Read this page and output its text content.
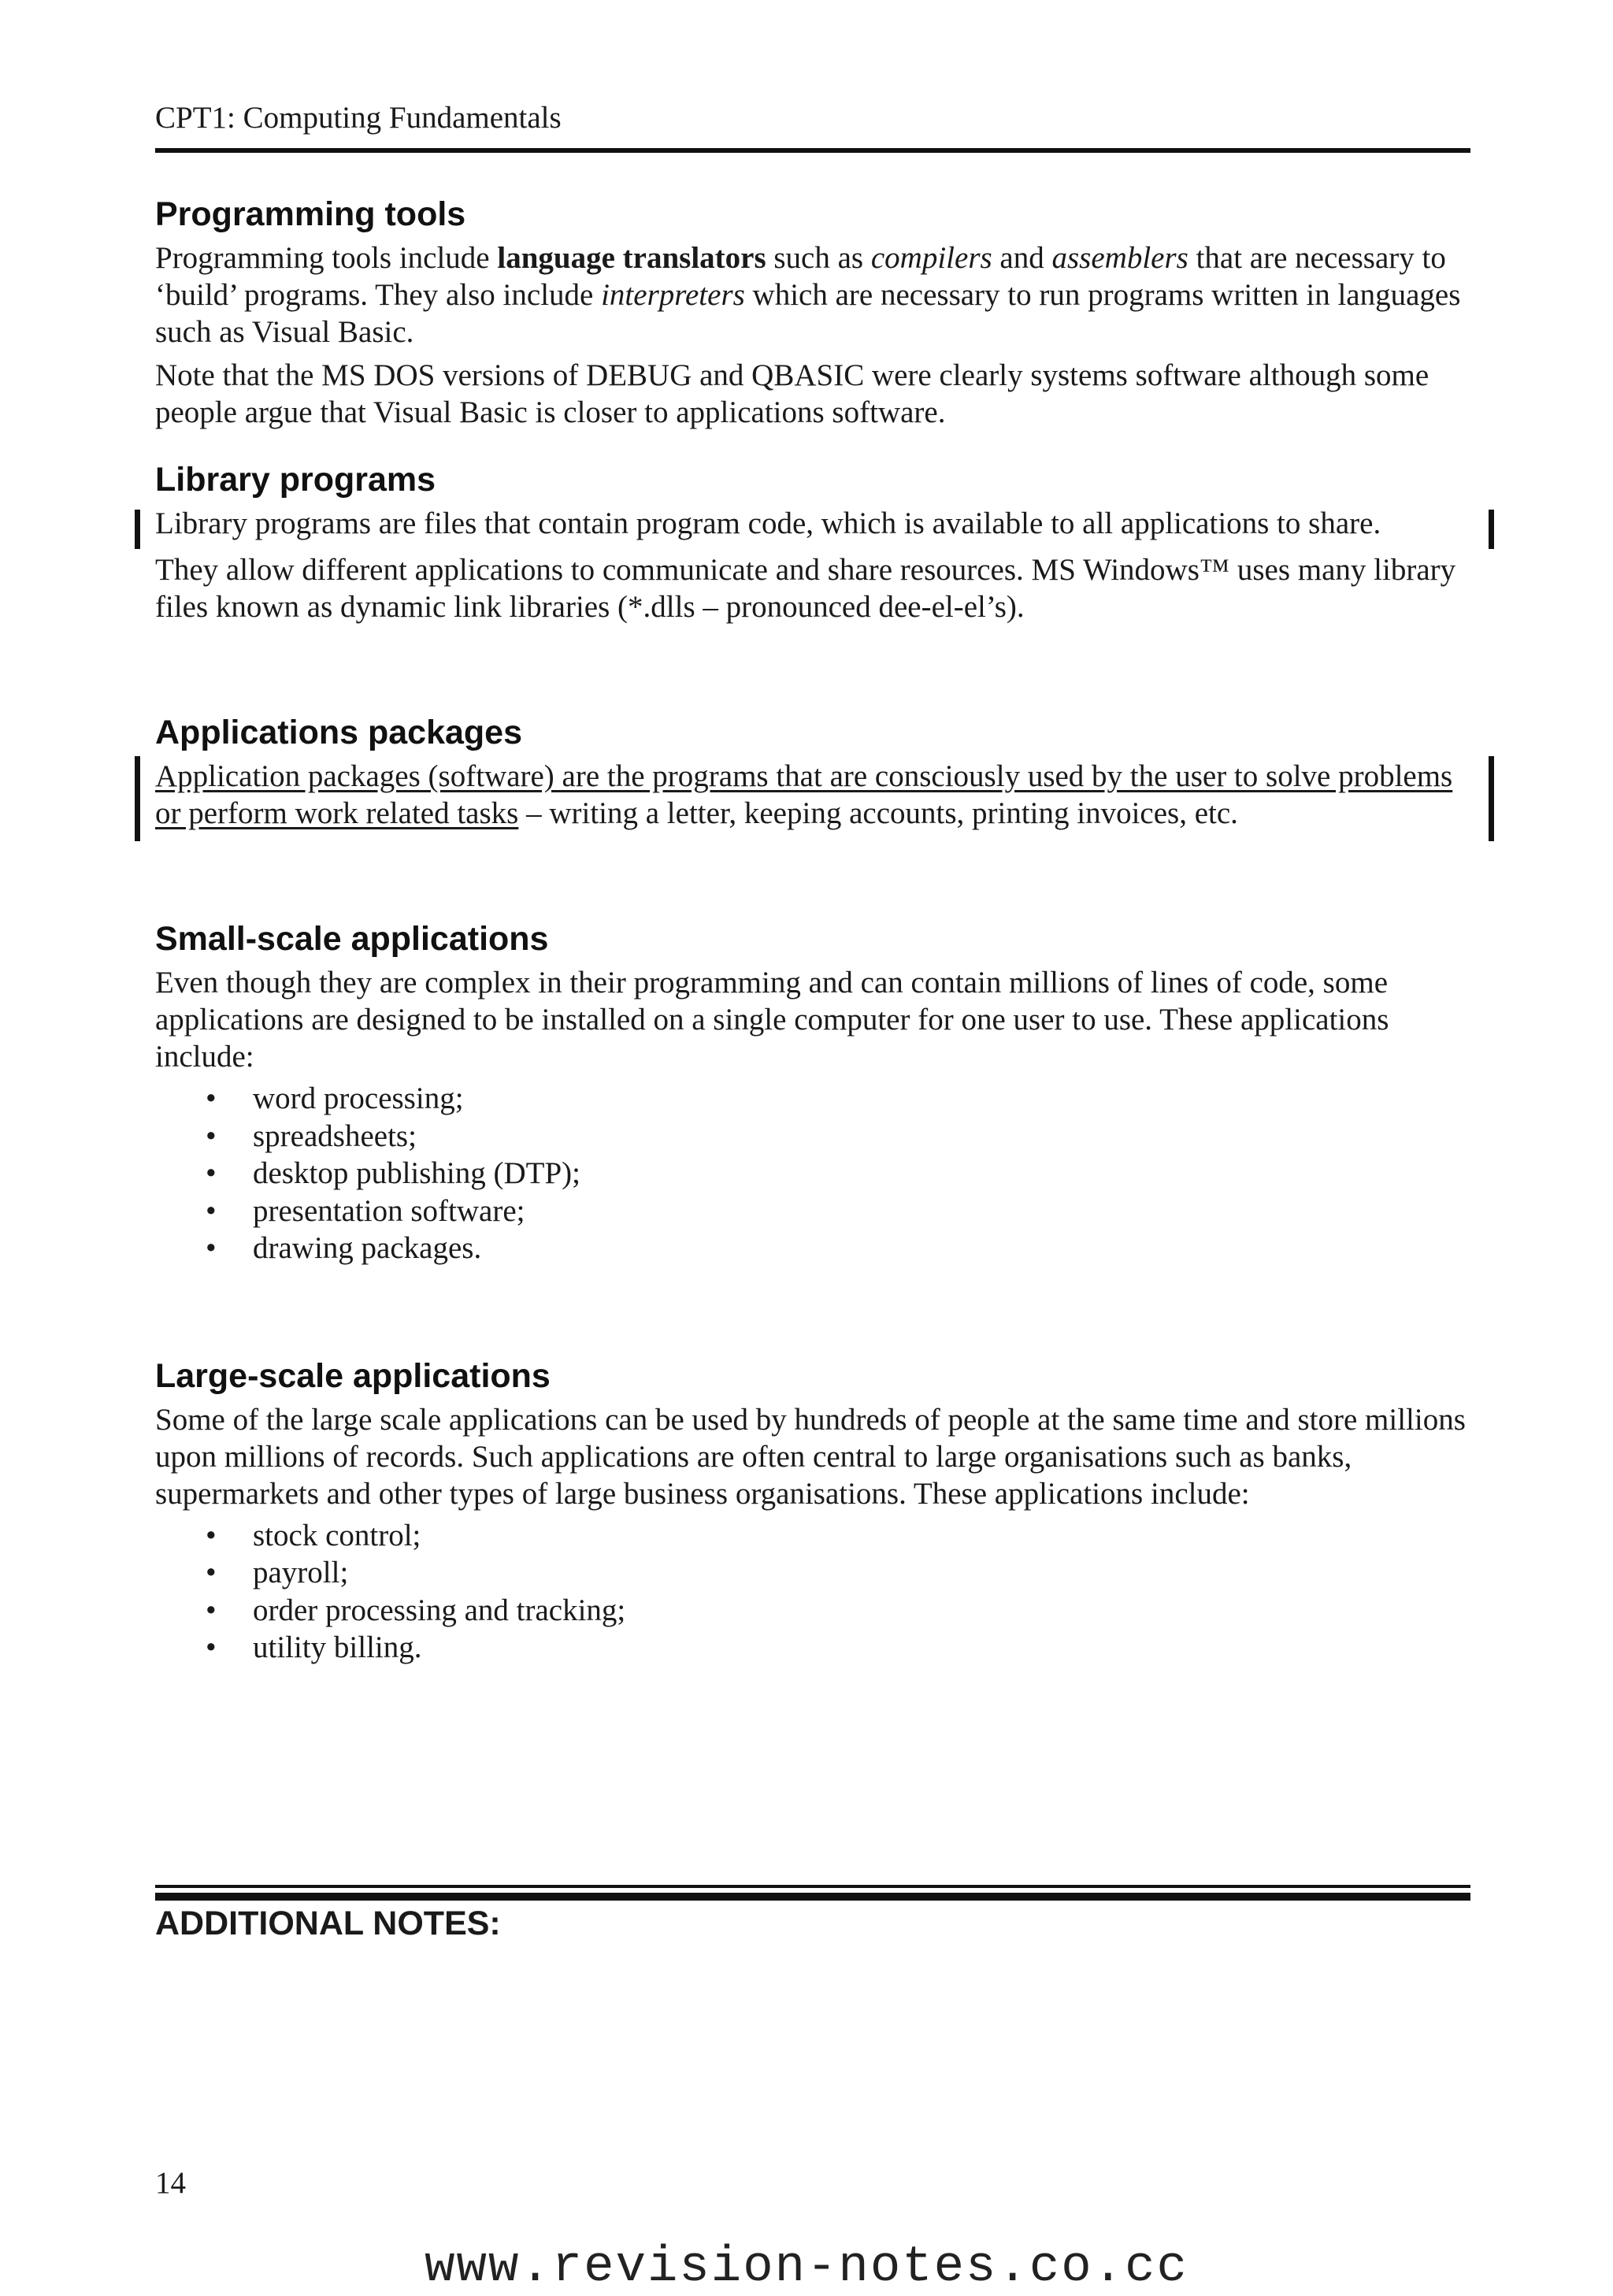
CPT1: Computing Fundamentals
Programming tools

Programming tools include language translators such as compilers and assemblers that are necessary to ‘build’ programs. They also include interpreters which are necessary to run programs written in languages such as Visual Basic.

Note that the MS DOS versions of DEBUG and QBASIC were clearly systems software although some people argue that Visual Basic is closer to applications software.

Library programs

Library programs are files that contain program code, which is available to all applications to share.

They allow different applications to communicate and share resources. MS Windows™ uses many library files known as dynamic link libraries (*.dlls – pronounced dee-el-el’s).

Applications packages

Application packages (software) are the programs that are consciously used by the user to solve problems or perform work related tasks – writing a letter, keeping accounts, printing invoices, etc.

Small-scale applications

Even though they are complex in their programming and can contain millions of lines of code, some applications are designed to be installed on a single computer for one user to use. These applications include:

• word processing;
• spreadsheets;
• desktop publishing (DTP);
• presentation software;
• drawing packages.
Large-scale applications

Some of the large scale applications can be used by hundreds of people at the same time and store millions upon millions of records. Such applications are often central to large organisations such as banks, supermarkets and other types of large business organisations. These applications include:

• stock control;
• payroll;
• order processing and tracking;
• utility billing.
ADDITIONAL NOTES:
14
www.revision-notes.co.cc
